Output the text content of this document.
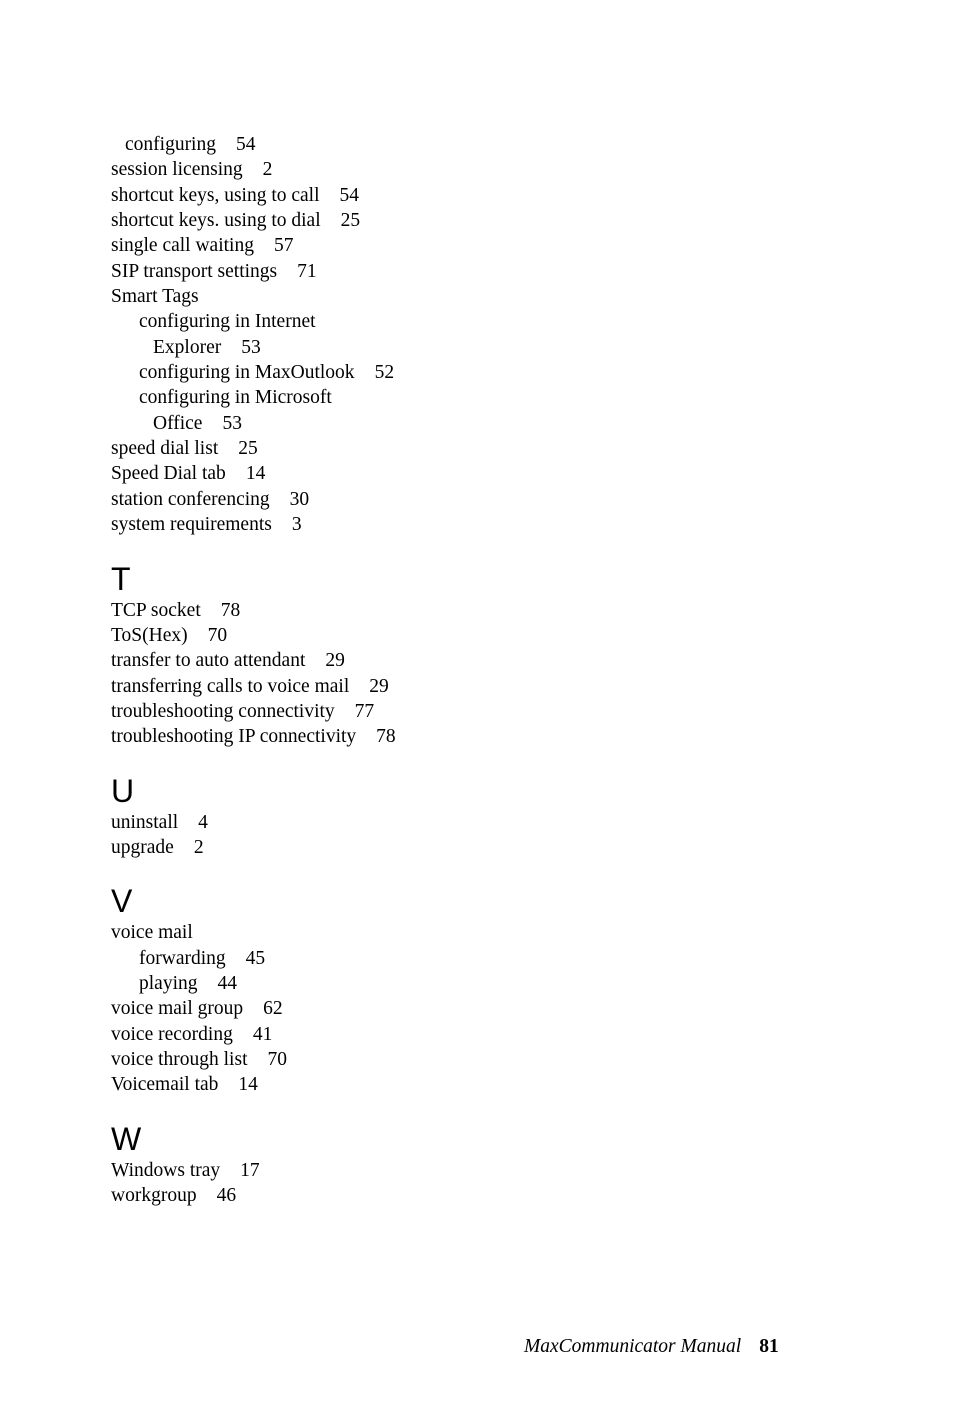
configuring 54
session licensing 2
shortcut keys, using to call 54
shortcut keys. using to dial 25
single call waiting 57
SIP transport settings 71
Smart Tags
configuring in Internet
Explorer 53
configuring in MaxOutlook 52
configuring in Microsoft
Office 53
speed dial list 25
Speed Dial tab 14
station conferencing 30
system requirements 3
T
TCP socket 78
ToS(Hex) 70
transfer to auto attendant 29
transferring calls to voice mail 29
troubleshooting connectivity 77
troubleshooting IP connectivity 78
U
uninstall 4
upgrade 2
V
voice mail
forwarding 45
playing 44
voice mail group 62
voice recording 41
voice through list 70
Voicemail tab 14
W
Windows tray 17
workgroup 46
MaxCommunicator Manual 81
